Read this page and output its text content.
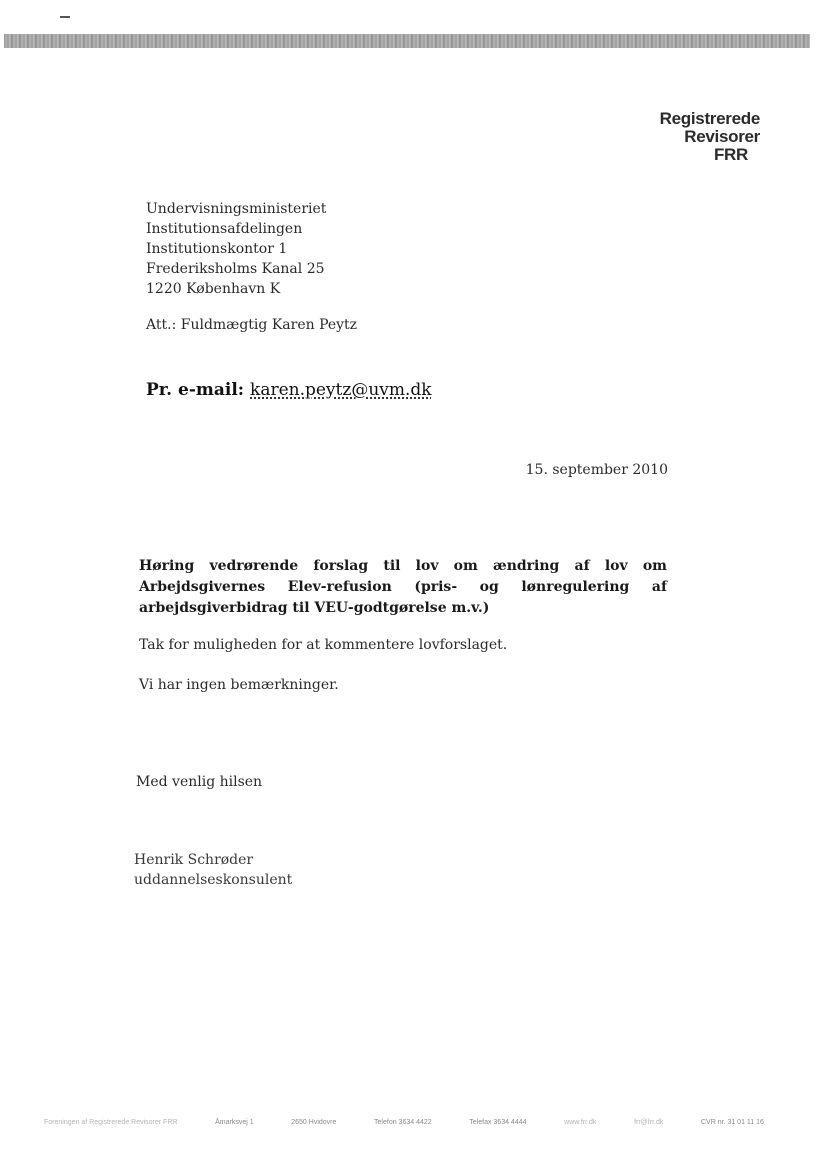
Registrerede
Revisorer
FRR
Undervisningsministeriet
Institutionsafdelingen
Institutionskontor 1
Frederiksholms Kanal 25
1220 København K
Att.: Fuldmægtig Karen Peytz
Pr. e-mail: karen.peytz@uvm.dk
15. september 2010
Høring vedrørende forslag til lov om ændring af lov om Arbejdsgivernes Elev-refusion (pris- og lønregulering af arbejdsgiverbidrag til VEU-godtgørelse m.v.)
Tak for muligheden for at kommentere lovforslaget.
Vi har ingen bemærkninger.
Med venlig hilsen
Henrik Schrøder
uddannelseskonsulent
Foreningen af Registrerede Revisorer FRR	Åmarksvej 1	2650 Hvidovre	Telefon 3634 4422	Telefax 3634 4444	www.frr.dk	frr@frr.dk	CVR nr. 31 01 11 16
